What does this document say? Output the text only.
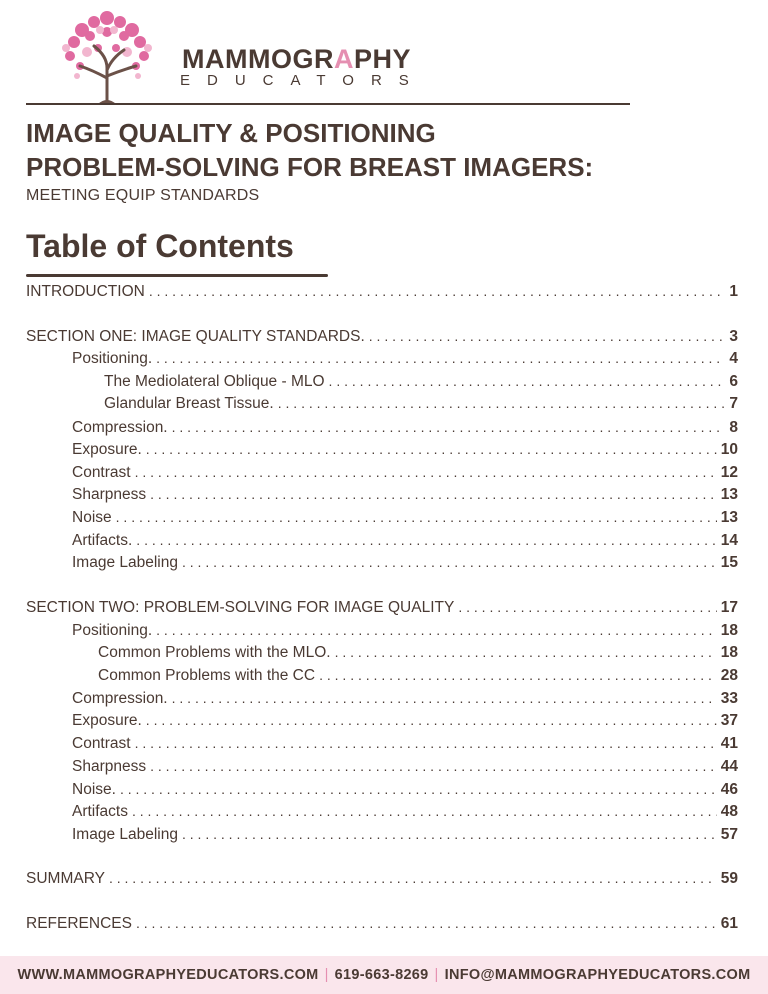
MAMMOGRAPHY
EDUCATORS
IMAGE QUALITY & POSITIONING
PROBLEM-SOLVING FOR BREAST IMAGERS:
MEETING EQUIP STANDARDS
Table of Contents
INTRODUCTION . . .	1
SECTION ONE: IMAGE QUALITY STANDARDS. . . .	3
Positioning. . . .	4
The Mediolateral Oblique - MLO . . .	6
Glandular Breast Tissue. . . .	7
Compression. . . .	8
Exposure. . . .	10
Contrast . . .	12
Sharpness . . .	13
Noise . . .	13
Artifacts. . . .	14
Image Labeling . . .	15
SECTION TWO: PROBLEM-SOLVING FOR IMAGE QUALITY . . .	17
Positioning. . . .	18
Common Problems with the MLO. . . .	18
Common Problems with the CC . . .	28
Compression. . . .	33
Exposure. . . .	37
Contrast . . .	41
Sharpness . . .	44
Noise. . . .	46
Artifacts . . .	48
Image Labeling . . .	57
SUMMARY . . .	59
REFERENCES . . .	61
WWW.MAMMOGRAPHYEDUCATORS.COM | 619-663-8269 | INFO@MAMMOGRAPHYEDUCATORS.COM
